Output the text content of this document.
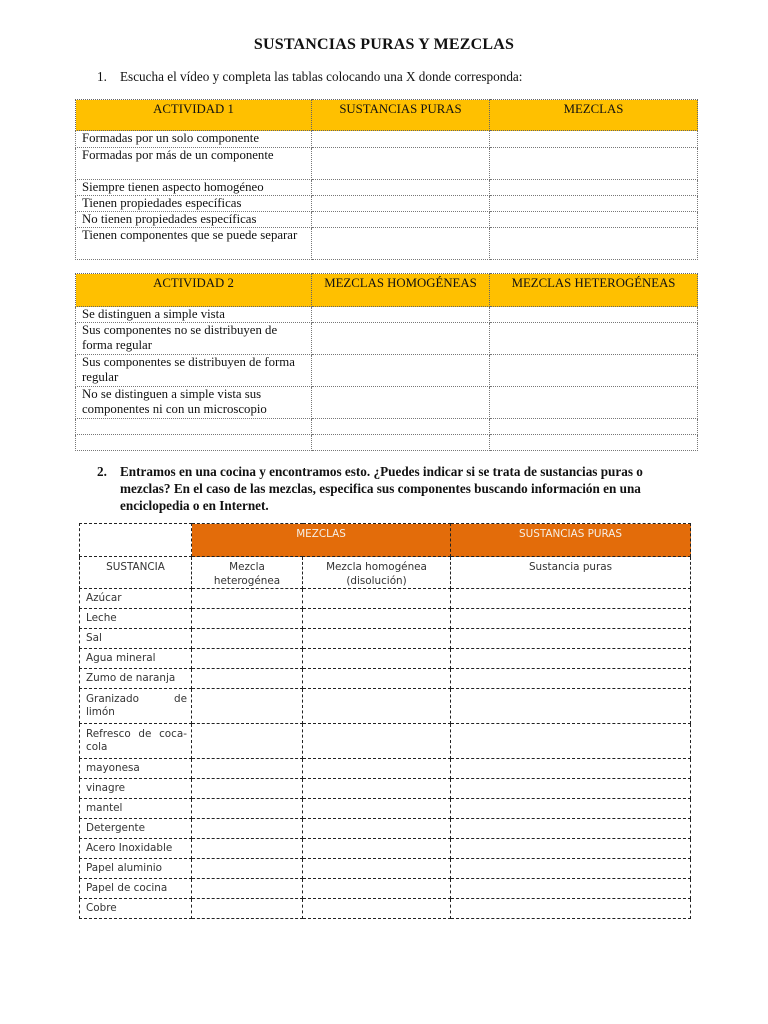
SUSTANCIAS PURAS Y MEZCLAS
1. Escucha el vídeo y completa las tablas colocando una X donde corresponda:
ACTIVIDAD 1	SUSTANCIAS PURAS	MEZCLAS
Formadas por un solo componente		
Formadas por más de un componente		
Siempre tienen aspecto homogéneo		
Tienen propiedades específicas		
No tienen propiedades específicas		
Tienen componentes que se puede separar		
ACTIVIDAD 2	MEZCLAS HOMOGÉNEAS	MEZCLAS HETEROGÉNEAS
Se distinguen a simple vista		
Sus componentes no se distribuyen de forma regular		
Sus componentes se distribuyen de forma regular		
No se distinguen a simple vista sus componentes ni con un microscopio		

2. Entramos en una cocina y encontramos esto. ¿Puedes indicar si se trata de sustancias puras o mezclas? En el caso de las mezclas, especifica sus componentes buscando información en una enciclopedia o en Internet.
	MEZCLAS		SUSTANCIAS PURAS
SUSTANCIA	Mezcla heterogénea	Mezcla homogénea (disolución)	Sustancia puras
Azúcar			
Leche			
Sal			
Agua mineral			
Zumo de naranja			
Granizado de limón			
Refresco de coca-cola			
mayonesa			
vinagre			
mantel			
Detergente			
Acero Inoxidable			
Papel aluminio			
Papel de cocina			
Cobre			
